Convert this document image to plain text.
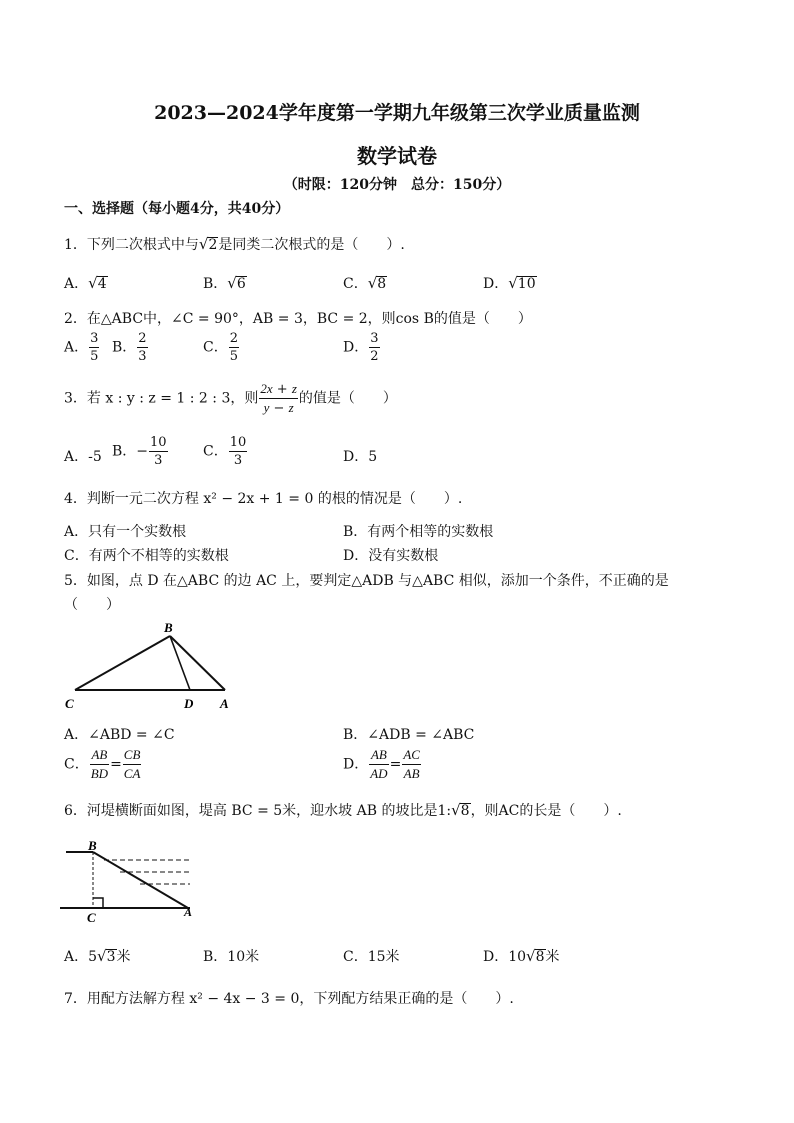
2023—2024学年度第一学期九年级第三次学业质量监测
数学试卷
（时限：120分钟　总分：150分）
一、选择题（每小题4分，共40分）
1．下列二次根式中与√2是同类二次根式的是（　　）.
A．√4	B．√6	C．√8	D．√10
2．在△ABC中，∠C = 90°，AB = 3，BC = 2，则cos B的值是（　　）
A． $\frac{3}{5}$ B． $\frac{2}{3}$	C． $\frac{2}{5}$	D． $\frac{3}{2}$
3．若 x : y : z = 1 : 2 : 3，则 $\frac{2x + z}{y - z}$ 的值是（　　）
A．-5 B．− $\frac{10}{3}$	C． $\frac{10}{3}$	D．5
4．判断一元二次方程 x² − 2x + 1 = 0 的根的情况是（　　）.
A．只有一个实数根	B．有两个相等的实数根
C．有两个不相等的实数根	D．没有实数根
5．如图，点 D 在△ABC 的边 AC 上，要判定△ADB 与△ABC 相似，添加一个条件，不正确的是
（　　）
B
C	D A
A．∠ABD = ∠C	B．∠ADB = ∠ABC
C． $\frac{AB}{BD} = \frac{CB}{CA}$	D． $\frac{AB}{AD} = \frac{AC}{AB}$
6．河堤横断面如图，堤高 BC = 5米，迎水坡 AB 的坡比是1:√8，则AC的长是（　　）.
B
C	A
A．5√3米	B．10米	C．15米	D．10√8米
7．用配方法解方程 x² − 4x − 3 = 0，下列配方结果正确的是（　　）.
